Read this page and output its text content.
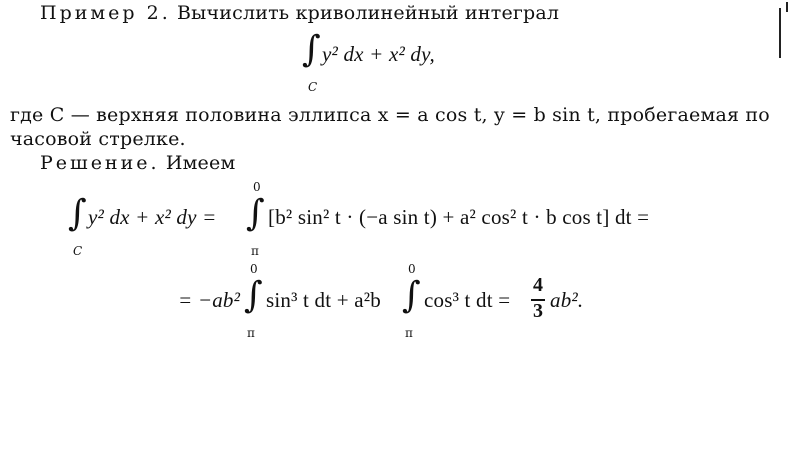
Пример 2. Вычислить криволинейный интеграл
∫
C
y² dx + x² dy,
где C — верхняя половина эллипса x = a cos t, y = b sin t, пробегаемая по
часовой стрелке.
Решение. Имеем
∫
C
y² dx + x² dy =
0
∫
π
[b² sin² t · (−a sin t) + a² cos² t · b cos t] dt =
= −ab²
0
∫
π
sin³ t dt + a²b
0
∫
π
cos³ t dt =
4
3 ab².
